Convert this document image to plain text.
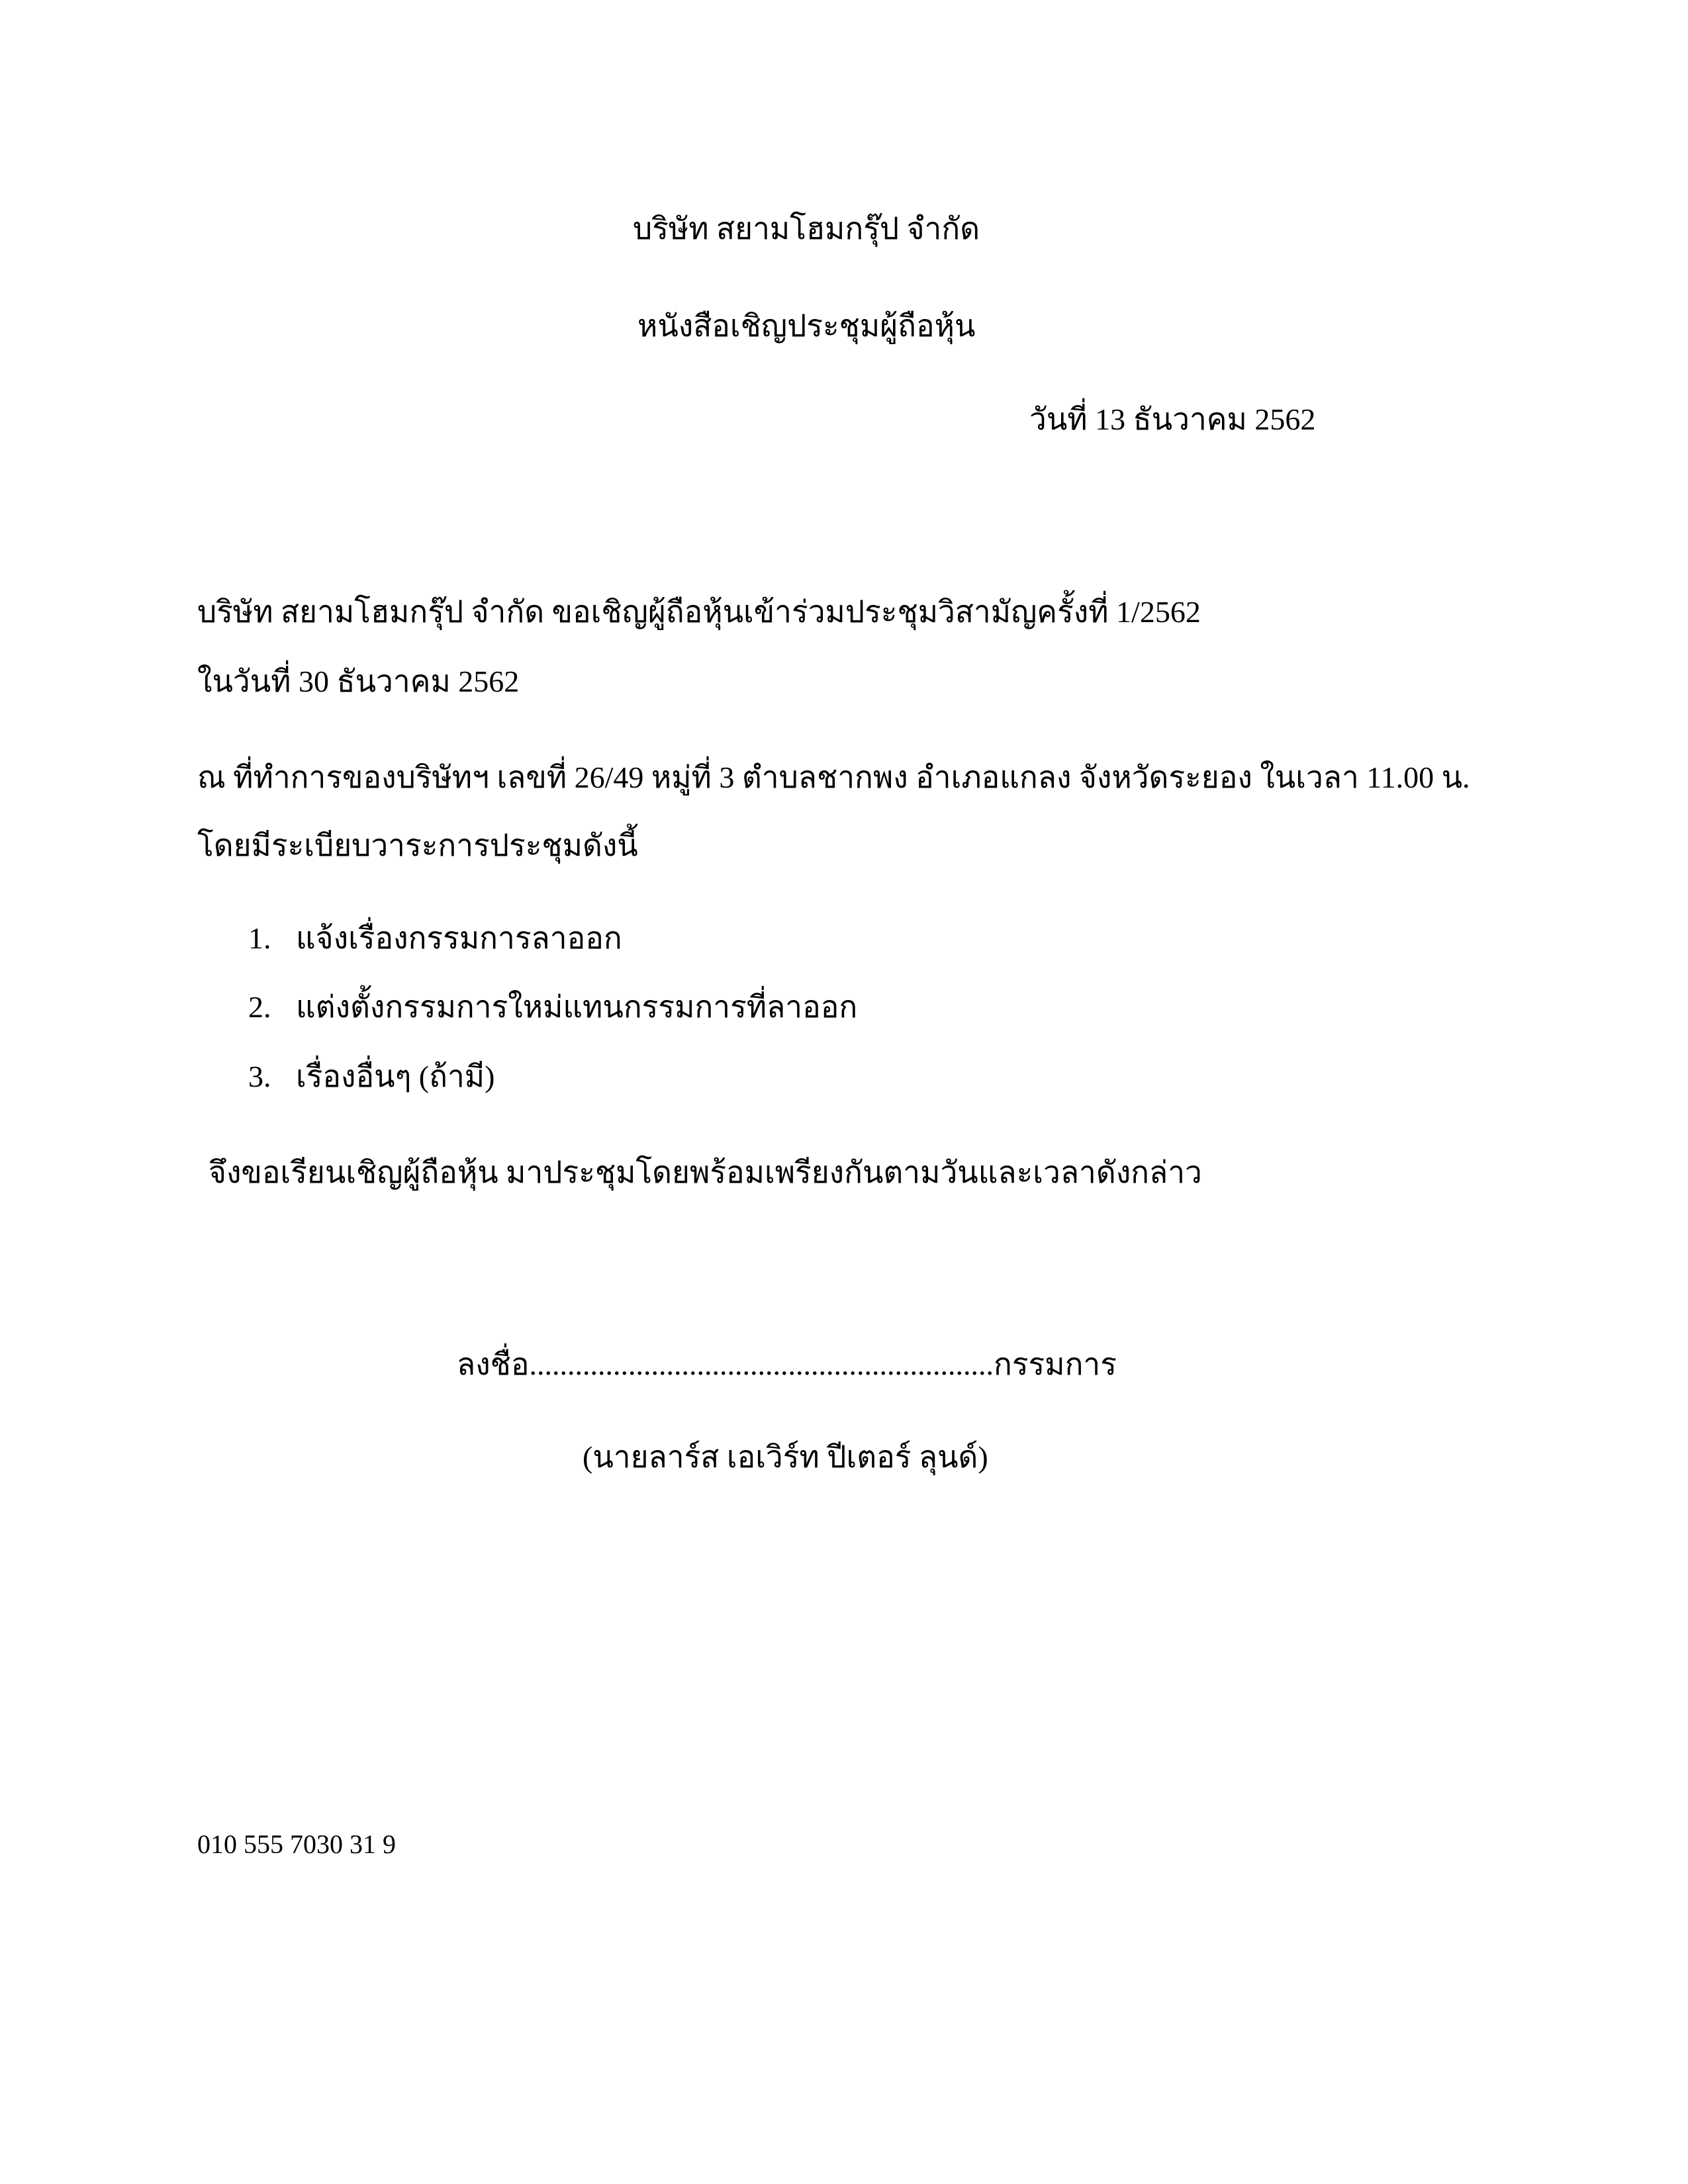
บริษัท สยามโฮมกรุ๊ป จำกัด
หนังสือเชิญประชุมผู้ถือหุ้น
วันที่ 13 ธันวาคม 2562
บริษัท สยามโฮมกรุ๊ป จำกัด ขอเชิญผู้ถือหุ้นเข้าร่วมประชุมวิสามัญครั้งที่ 1/2562
ในวันที่ 30 ธันวาคม 2562
ณ ที่ทำการของบริษัทฯ เลขที่ 26/49 หมู่ที่ 3 ตำบลชากพง อำเภอแกลง จังหวัดระยอง ในเวลา 11.00 น.
โดยมีระเบียบวาระการประชุมดังนี้
1. แจ้งเรื่องกรรมการลาออก
2. แต่งตั้งกรรมการใหม่แทนกรรมการที่ลาออก
3. เรื่องอื่นๆ (ถ้ามี)
จึงขอเรียนเชิญผู้ถือหุ้น มาประชุมโดยพร้อมเพรียงกันตามวันและเวลาดังกล่าว
ลงชื่อ.............................................................กรรมการ
(นายลาร์ส เอเวิร์ท ปีเตอร์ ลุนด์)
010 555 7030 31 9
